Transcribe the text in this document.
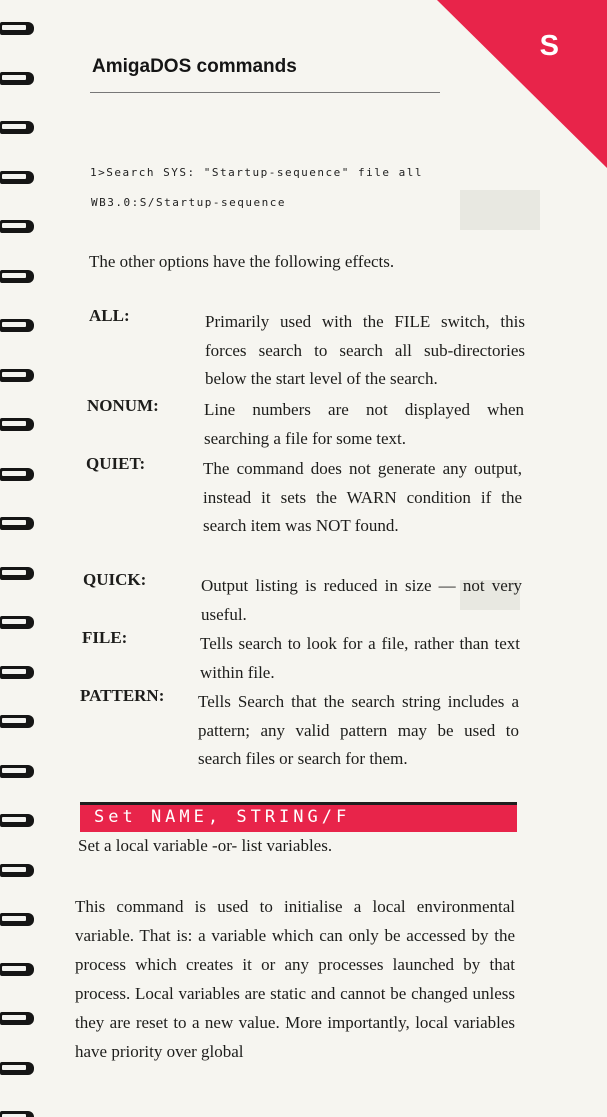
S
AmigaDOS commands
1>Search SYS: "Startup-sequence" file all
WB3.0:S/Startup-sequence

The other options have the following effects.

ALL:	Primarily used with the FILE switch, this forces search to search all sub-directories below the start level of the search.

NONUM:	Line numbers are not displayed when searching a file for some text.

QUIET:	The command does not generate any output, instead it sets the WARN condition if the search item was NOT found.

QUICK:	Output listing is reduced in size — not very useful.

FILE:	Tells search to look for a file, rather than text within file.

PATTERN: Tells Search that the search string includes a pattern; any valid pattern may be used to search files or search for them.

Set NAME, STRING/F

Set a local variable -or- list variables.

This command is used to initialise a local environmental variable. That is: a variable which can only be accessed by the process which creates it or any processes launched by that process. Local variables are static and cannot be changed unless they are reset to a new value. More importantly, local variables have priority over global
